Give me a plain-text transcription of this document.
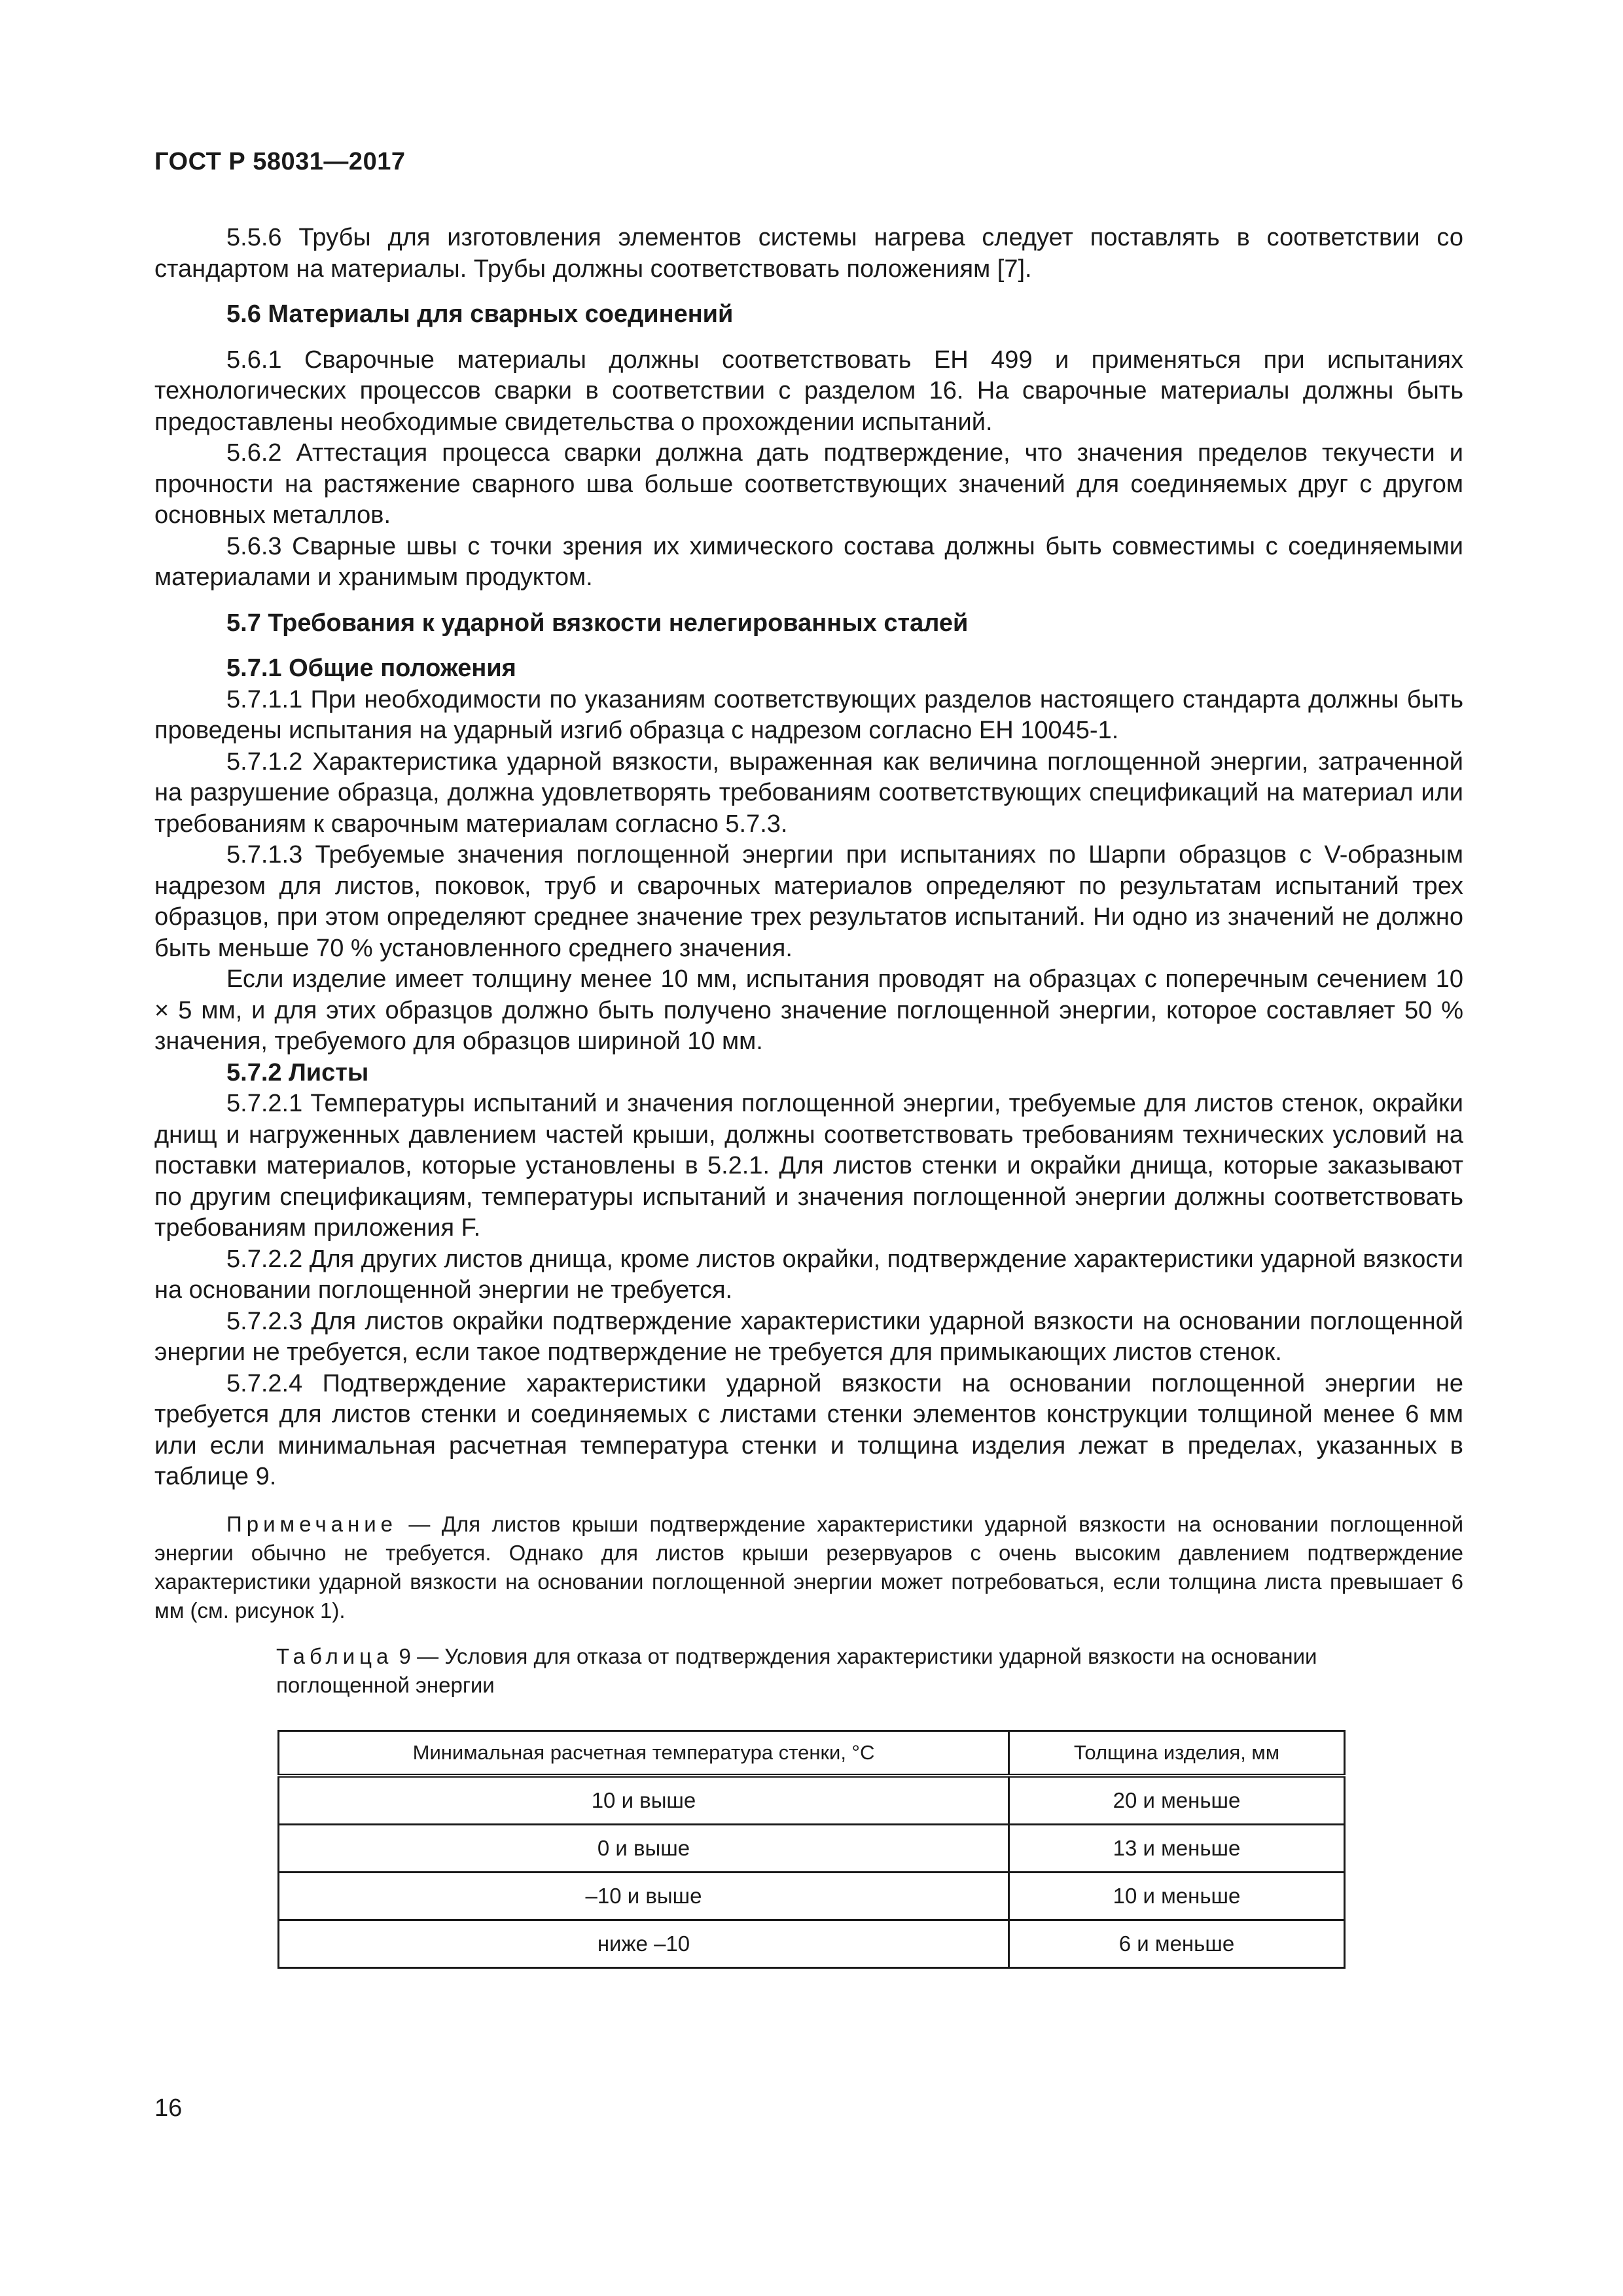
ГОСТ Р 58031—2017

5.5.6 Трубы для изготовления элементов системы нагрева следует поставлять в соответствии со стандартом на материалы. Трубы должны соответствовать положениям [7].

5.6 Материалы для сварных соединений

5.6.1 Сварочные материалы должны соответствовать ЕН 499 и применяться при испытаниях технологических процессов сварки в соответствии с разделом 16. На сварочные материалы должны быть предоставлены необходимые свидетельства о прохождении испытаний.

5.6.2 Аттестация процесса сварки должна дать подтверждение, что значения пределов текучести и прочности на растяжение сварного шва больше соответствующих значений для соединяемых друг с другом основных металлов.

5.6.3 Сварные швы с точки зрения их химического состава должны быть совместимы с соединяемыми материалами и хранимым продуктом.

5.7 Требования к ударной вязкости нелегированных сталей
5.7.1 Общие положения

5.7.1.1 При необходимости по указаниям соответствующих разделов настоящего стандарта должны быть проведены испытания на ударный изгиб образца с надрезом согласно ЕН 10045-1.

5.7.1.2 Характеристика ударной вязкости, выраженная как величина поглощенной энергии, затраченной на разрушение образца, должна удовлетворять требованиям соответствующих спецификаций на материал или требованиям к сварочным материалам согласно 5.7.3.

5.7.1.3 Требуемые значения поглощенной энергии при испытаниях по Шарпи образцов с V-образным надрезом для листов, поковок, труб и сварочных материалов определяют по результатам испытаний трех образцов, при этом определяют среднее значение трех результатов испытаний. Ни одно из значений не должно быть меньше 70 % установленного среднего значения.

Если изделие имеет толщину менее 10 мм, испытания проводят на образцах с поперечным сечением 10 × 5 мм, и для этих образцов должно быть получено значение поглощенной энергии, которое составляет 50 % значения, требуемого для образцов шириной 10 мм.

5.7.2 Листы

5.7.2.1 Температуры испытаний и значения поглощенной энергии, требуемые для листов стенок, окрайки днищ и нагруженных давлением частей крыши, должны соответствовать требованиям технических условий на поставки материалов, которые установлены в 5.2.1. Для листов стенки и окрайки днища, которые заказывают по другим спецификациям, температуры испытаний и значения поглощенной энергии должны соответствовать требованиям приложения F.

5.7.2.2 Для других листов днища, кроме листов окрайки, подтверждение характеристики ударной вязкости на основании поглощенной энергии не требуется.

5.7.2.3 Для листов окрайки подтверждение характеристики ударной вязкости на основании поглощенной энергии не требуется, если такое подтверждение не требуется для примыкающих листов стенок.

5.7.2.4 Подтверждение характеристики ударной вязкости на основании поглощенной энергии не требуется для листов стенки и соединяемых с листами стенки элементов конструкции толщиной менее 6 мм или если минимальная расчетная температура стенки и толщина изделия лежат в пределах, указанных в таблице 9.

Примечание — Для листов крыши подтверждение характеристики ударной вязкости на основании поглощенной энергии обычно не требуется. Однако для листов крыши резервуаров с очень высоким давлением подтверждение характеристики ударной вязкости на основании поглощенной энергии может потребоваться, если толщина листа превышает 6 мм (см. рисунок 1).
Таблица 9 — Условия для отказа от подтверждения характеристики ударной вязкости на основании поглощенной энергии
Минимальная расчетная температура стенки, °С	Толщина изделия, мм
10 и выше	20 и меньше
0 и выше	13 и меньше
–10 и выше	10 и меньше
ниже –10	6 и меньше
16
